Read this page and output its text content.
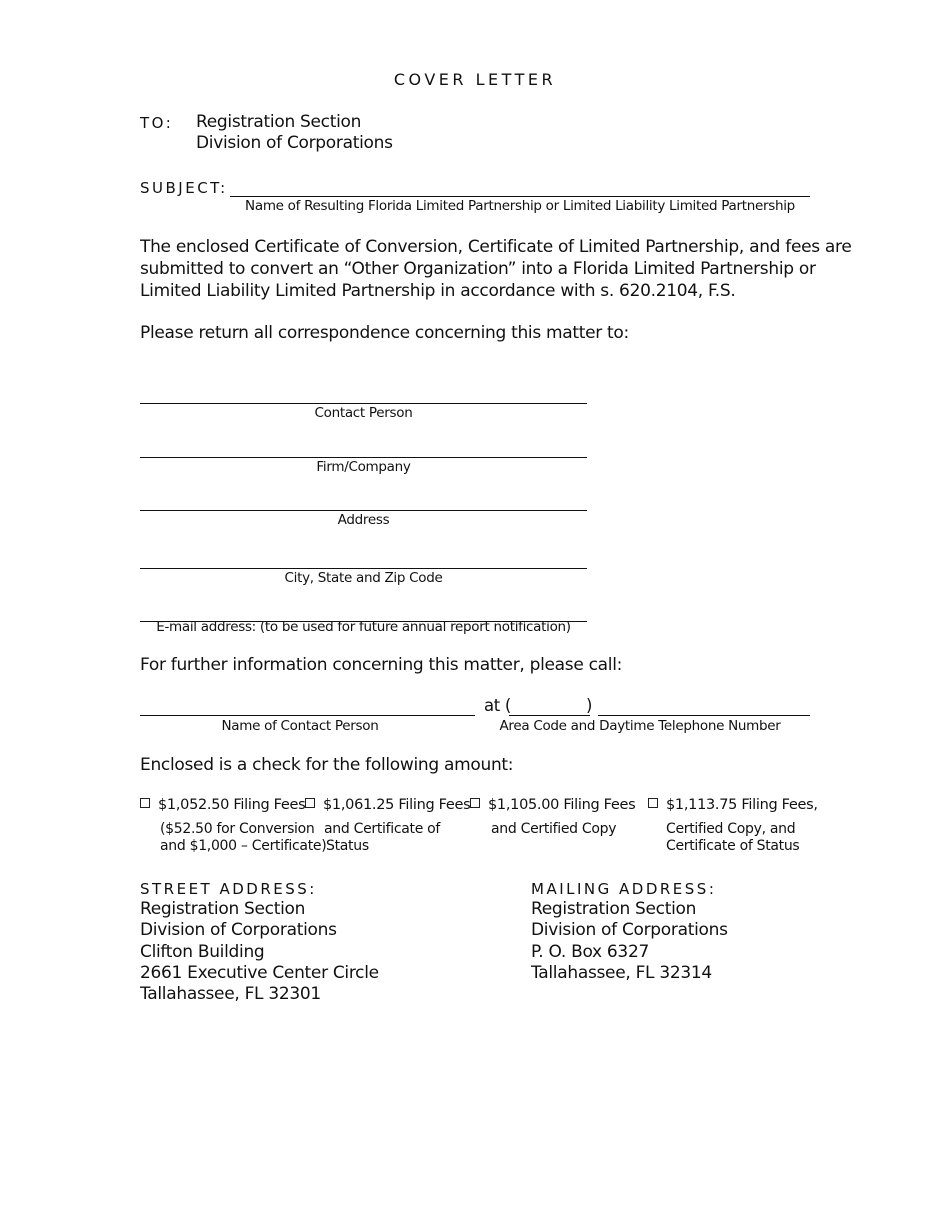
COVER LETTER
TO: Registration Section
Division of Corporations
SUBJECT:
Name of Resulting Florida Limited Partnership or Limited Liability Limited Partnership
The enclosed Certificate of Conversion, Certificate of Limited Partnership, and fees are
submitted to convert an “Other Organization” into a Florida Limited Partnership or
Limited Liability Limited Partnership in accordance with s. 620.2104, F.S.
Please return all correspondence concerning this matter to:
Contact Person
Firm/Company
Address
City, State and Zip Code
E-mail address: (to be used for future annual report notification)
For further information concerning this matter, please call:
at (	)
Name of Contact Person	Area Code and Daytime Telephone Number
Enclosed is a check for the following amount:
$1,052.50 Filing Fees
($52.50 for Conversion
and $1,000 – Certificate)
$1,061.25 Filing Fees
and Certificate of
Status
$1,105.00 Filing Fees
and Certified Copy
$1,113.75 Filing Fees,
Certified Copy, and
Certificate of Status
STREET ADDRESS:
Registration Section
Division of Corporations
Clifton Building
2661 Executive Center Circle
Tallahassee, FL 32301
MAILING ADDRESS:
Registration Section
Division of Corporations
P. O. Box 6327
Tallahassee, FL 32314
